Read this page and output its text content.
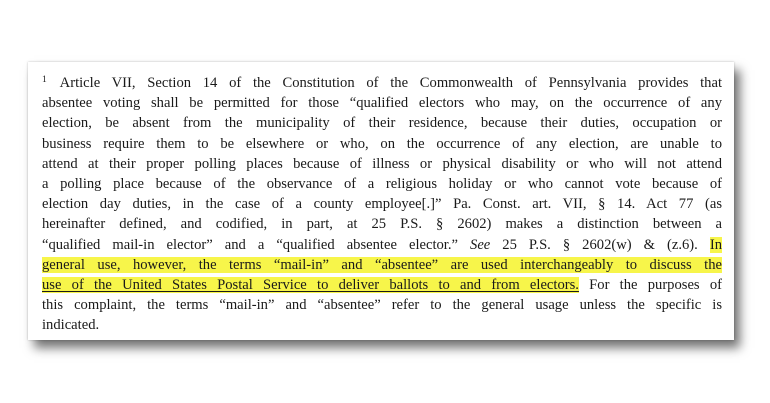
$^1$ Article VII, Section 14 of the Constitution of the Commonwealth of Pennsylvania provides that
absentee voting shall be permitted for those “qualified electors who may, on the occurrence of any
election, be absent from the municipality of their residence, because their duties, occupation or
business require them to be elsewhere or who, on the occurrence of any election, are unable to
attend at their proper polling places because of illness or physical disability or who will not attend
a polling place because of the observance of a religious holiday or who cannot vote because of
election day duties, in the case of a county employee[.]” Pa. Const. art. VII, § 14. Act 77 (as
hereinafter defined, and codified, in part, at 25 P.S. § 2602) makes a distinction between a
“qualified mail-in elector” and a “qualified absentee elector.” See 25 P.S. § 2602(w) & (z.6). In
general use, however, the terms “mail-in” and “absentee” are used interchangeably to discuss the
use of the United States Postal Service to deliver ballots to and from electors. For the purposes of
this complaint, the terms “mail-in” and “absentee” refer to the general usage unless the specific is
indicated.
